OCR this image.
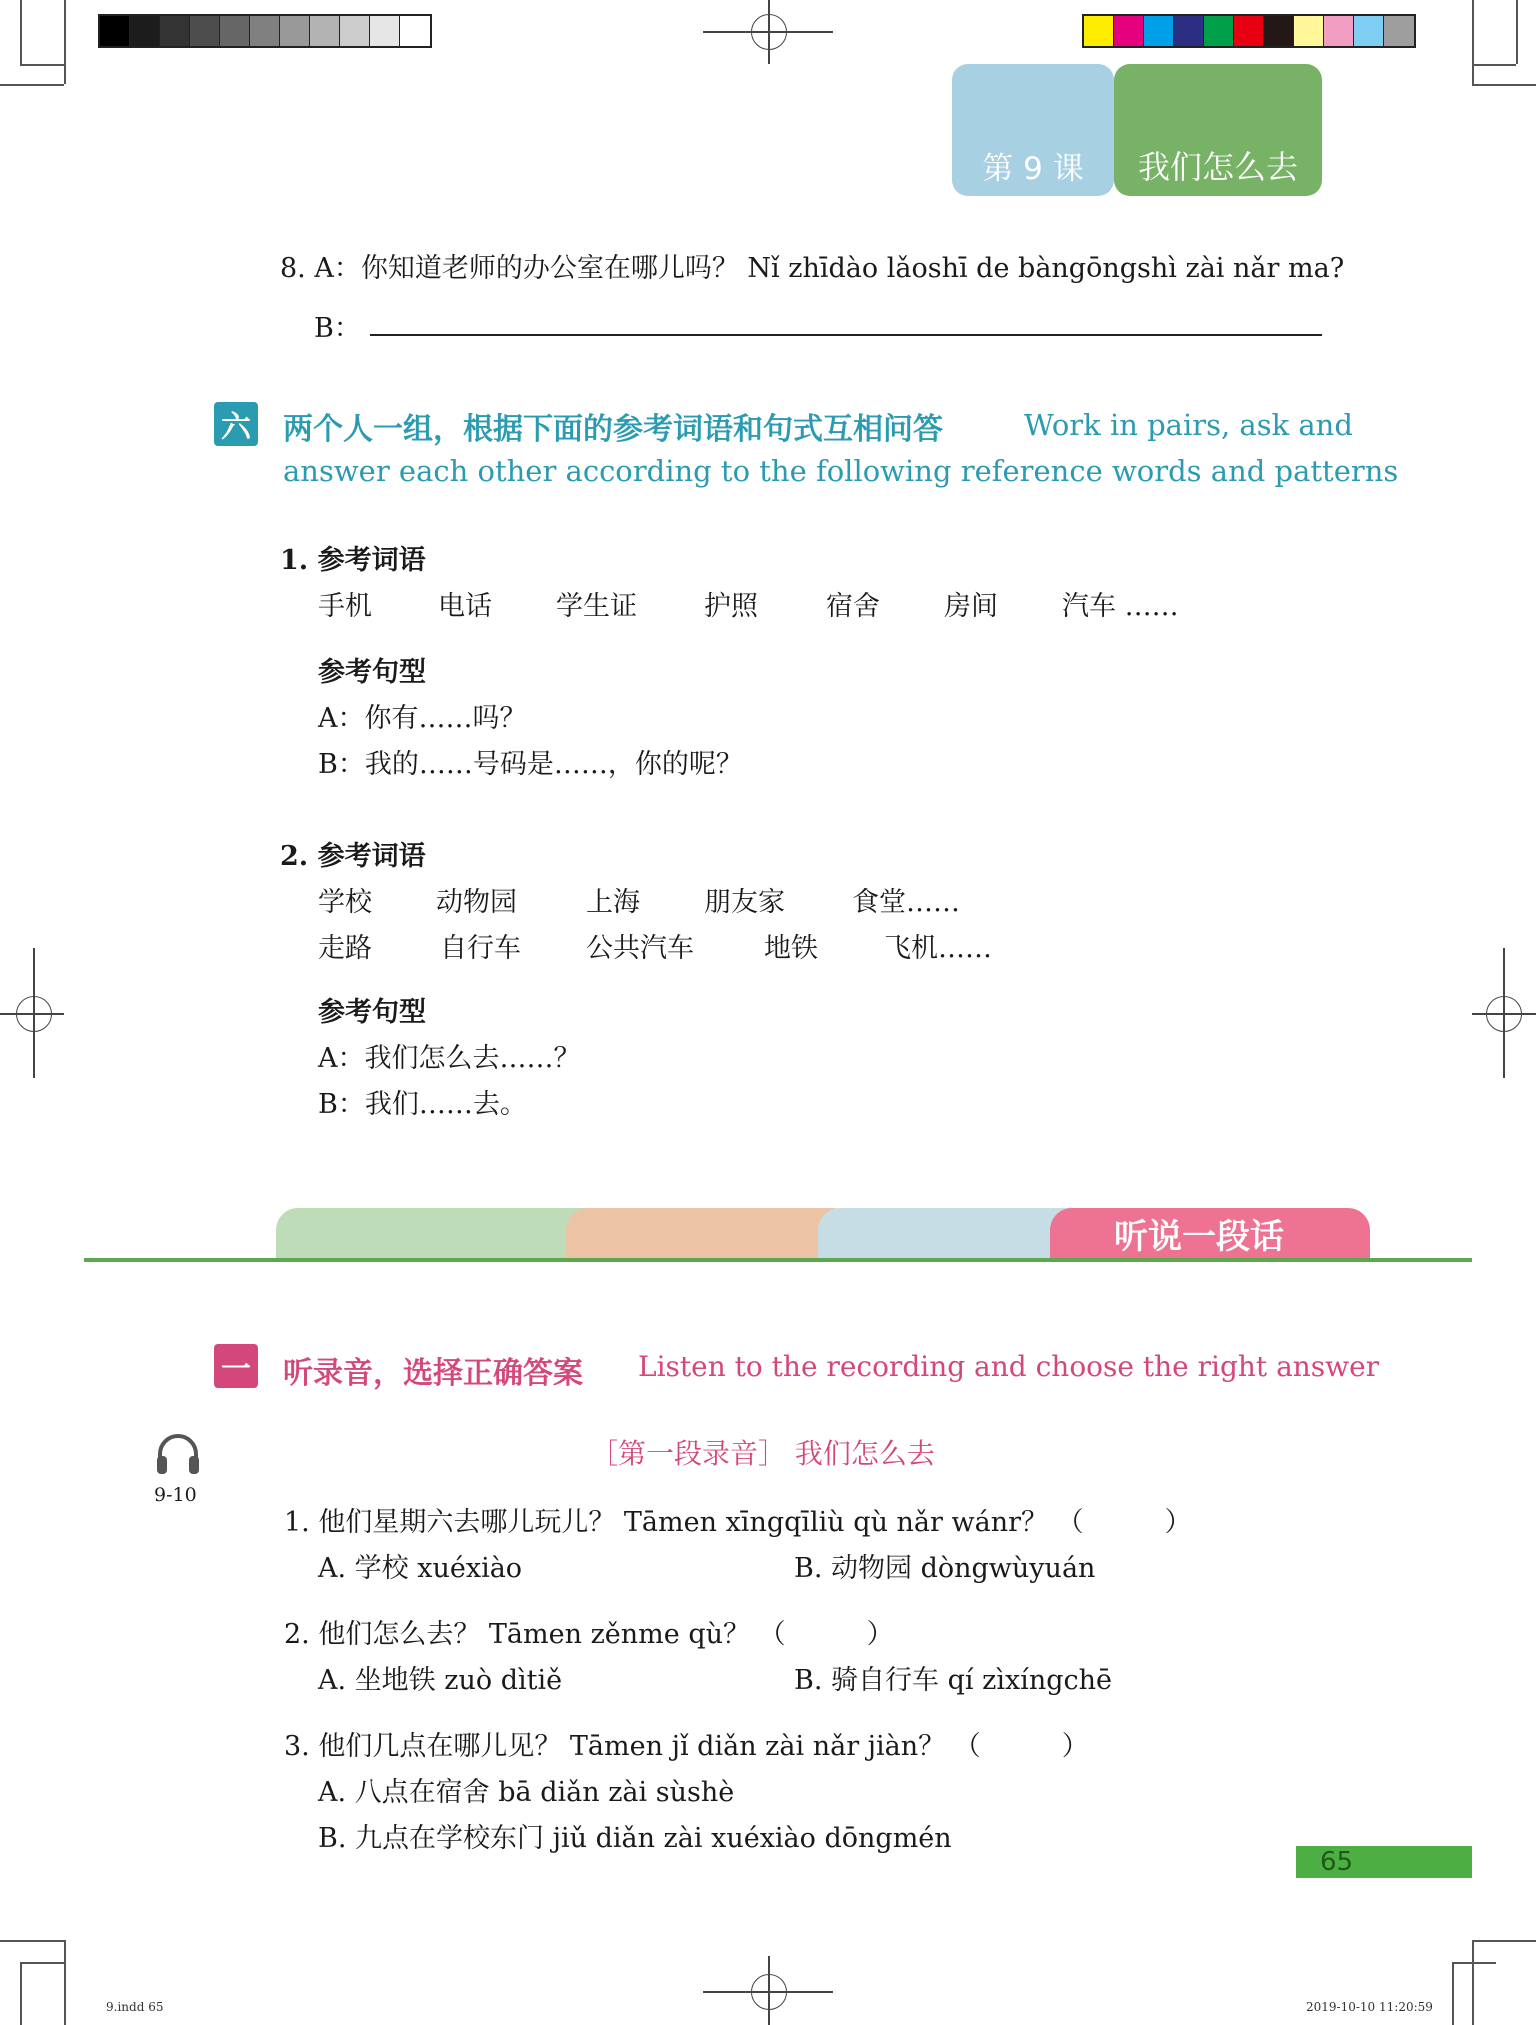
第 9 课 我们怎么去
8. A：你知道老师的办公室在哪儿吗？ Nǐ zhīdào lǎoshī de bàngōngshì zài nǎr ma?
B：
六 两个人一组，根据下面的参考词语和句式互相问答	Work in pairs, ask and
answer each other according to the following reference words and patterns
1. 参考词语
手机 电话 学生证 护照	宿舍 房间 汽车 ……
参考句型
A：你有……吗？
B：我的……号码是……，你的呢？
2. 参考词语
学校 动物园	上海 朋友家 食堂……
走路	自行车 公共汽车	地铁 飞机……
参考句型
A：我们怎么去……？
B：我们……去。
听说一段话
一 听录音，选择正确答案 Listen to the recording and choose the right answer
9-10
［第一段录音］ 我们怎么去
1. 他们星期六去哪儿玩儿？ Tāmen xīngqīliù qù nǎr wánr？ （　　　）
A. 学校 xuéxiào	B. 动物园 dòngwùyuán
2. 他们怎么去？ Tāmen zěnme qù？ （　　　）
A. 坐地铁 zuò dìtiě	B. 骑自行车 qí zìxíngchē
3. 他们几点在哪儿见？ Tāmen jǐ diǎn zài nǎr jiàn？ （　　　）
A. 八点在宿舍 bā diǎn zài sùshè
B. 九点在学校东门 jiǔ diǎn zài xuéxiào dōngmén
65
9.indd 65	2019-10-10 11:20:59
